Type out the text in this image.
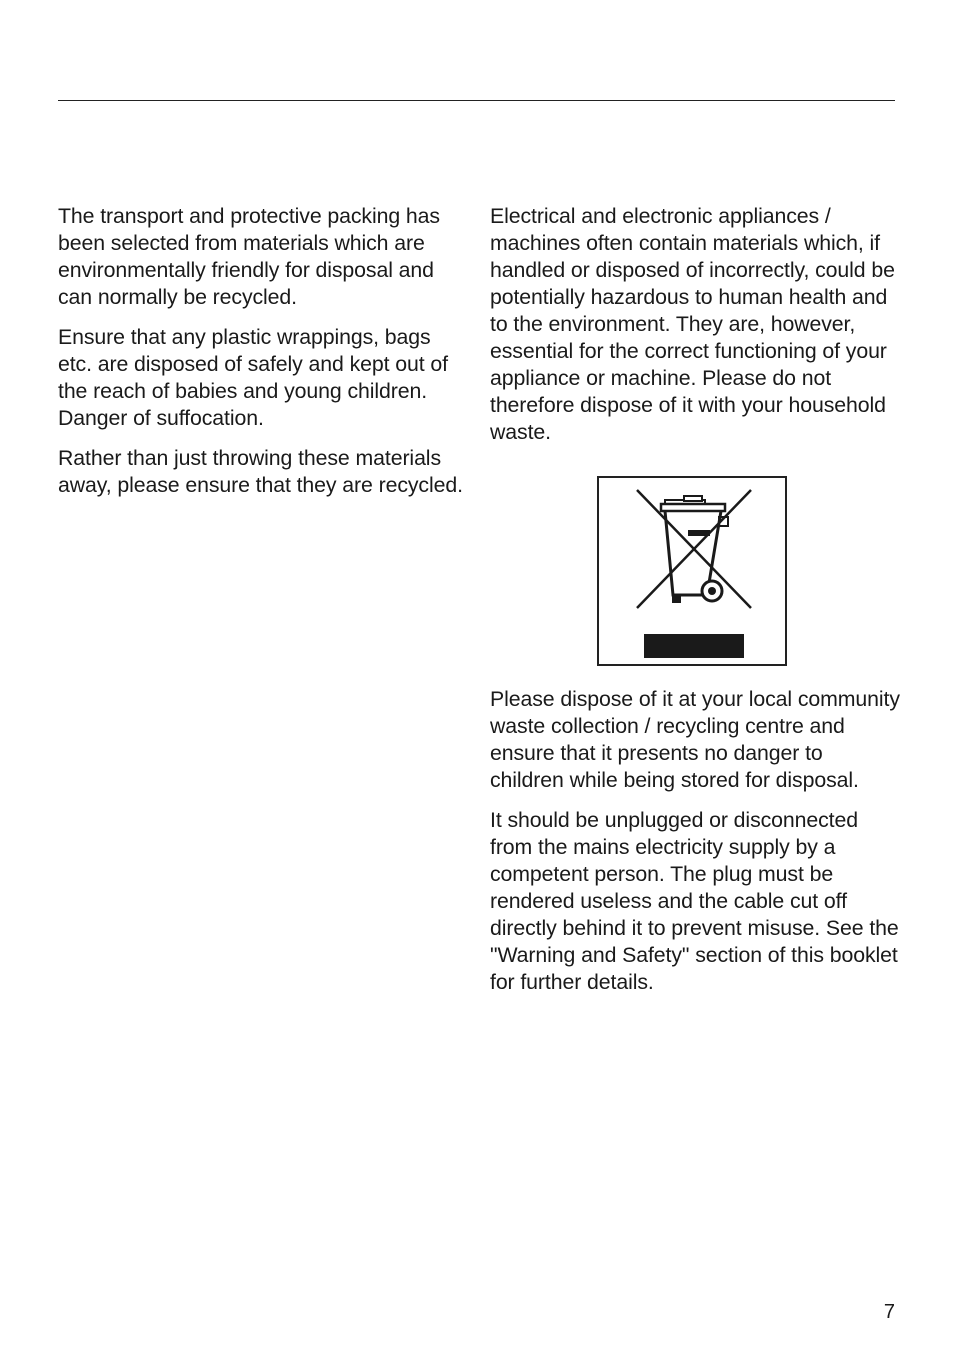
The transport and protective packing has been selected from materials which are environmentally friendly for disposal and can normally be recycled.

Ensure that any plastic wrappings, bags etc. are disposed of safely and kept out of the reach of babies and young children. Danger of suffocation.

Rather than just throwing these materials away, please ensure that they are recycled.

Electrical and electronic appliances / machines often contain materials which, if handled or disposed of incorrectly, could be potentially hazardous to human health and to the environment. They are, however, essential for the correct functioning of your appliance or machine. Please do not therefore dispose of it with your household waste.

Please dispose of it at your local community waste collection / recycling centre and ensure that it presents no danger to children while being stored for disposal.

It should be unplugged or disconnected from the mains electricity supply by a competent person. The plug must be rendered useless and the cable cut off directly behind it to prevent misuse. See the "Warning and Safety" section of this booklet for further details.

7
